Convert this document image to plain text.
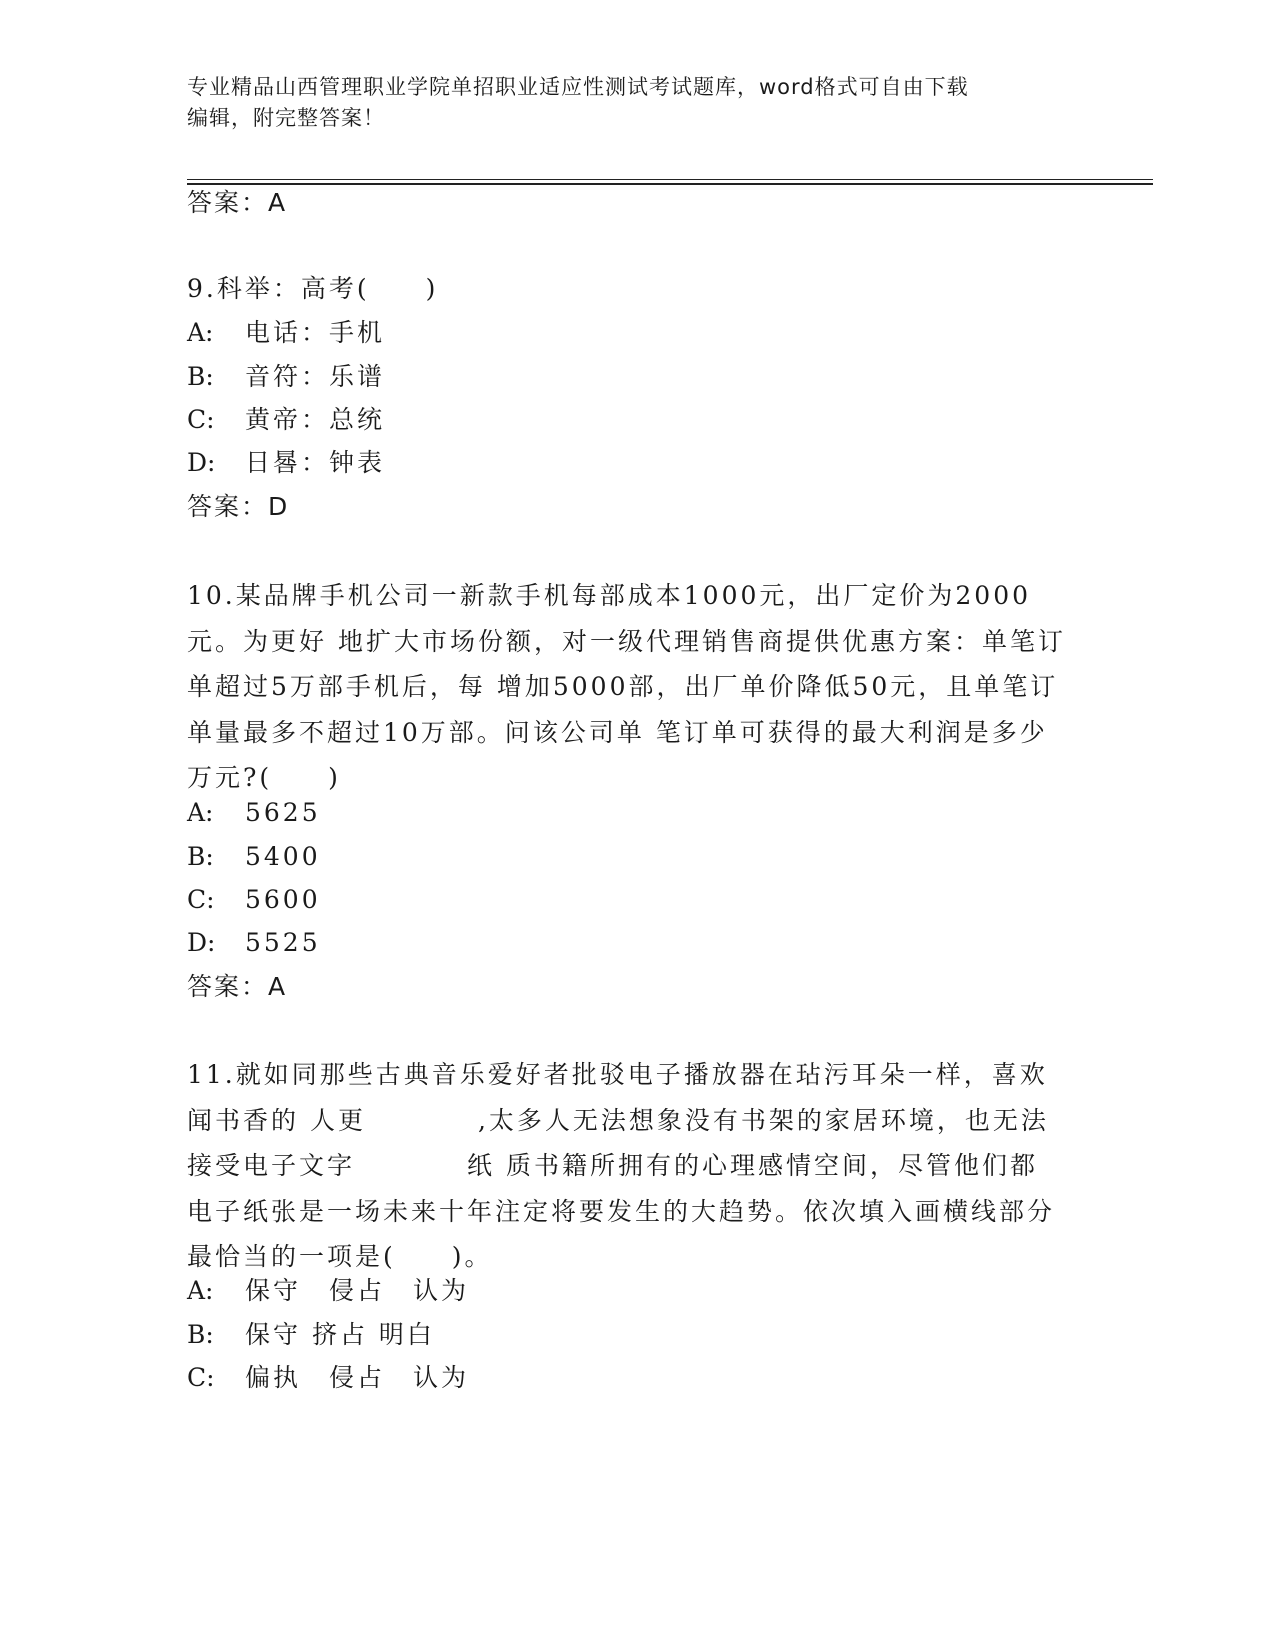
专业精品山西管理职业学院单招职业适应性测试考试题库，word格式可自由下载
编辑，附完整答案！
答案：A
9.科举：高考(　　)
A: 电话：手机
B: 音符：乐谱
C: 黄帝：总统
D: 日晷：钟表
答案：D
10.某品牌手机公司一新款手机每部成本1000元，出厂定价为2000元。为更好 地扩大市场份额，对一级代理销售商提供优惠方案：单笔订单超过5万部手机后，每 增加5000部，出厂单价降低50元，且单笔订单量最多不超过10万部。问该公司单 笔订单可获得的最大利润是多少万元?(　　)
A: 5625
B: 5400
C: 5600
D: 5525
答案：A
11.就如同那些古典音乐爱好者批驳电子播放器在玷污耳朵一样，喜欢闻书香的 人更　　　　,太多人无法想象没有书架的家居环境，也无法接受电子文字　　　　纸 质书籍所拥有的心理感情空间，尽管他们都　　　　电子纸张是一场未来十年注定将要发生的大趋势。依次填入画横线部分最恰当的一项是(　　)。
A: 保守　侵占　认为
B: 保守 挤占 明白
C: 偏执　侵占　认为
